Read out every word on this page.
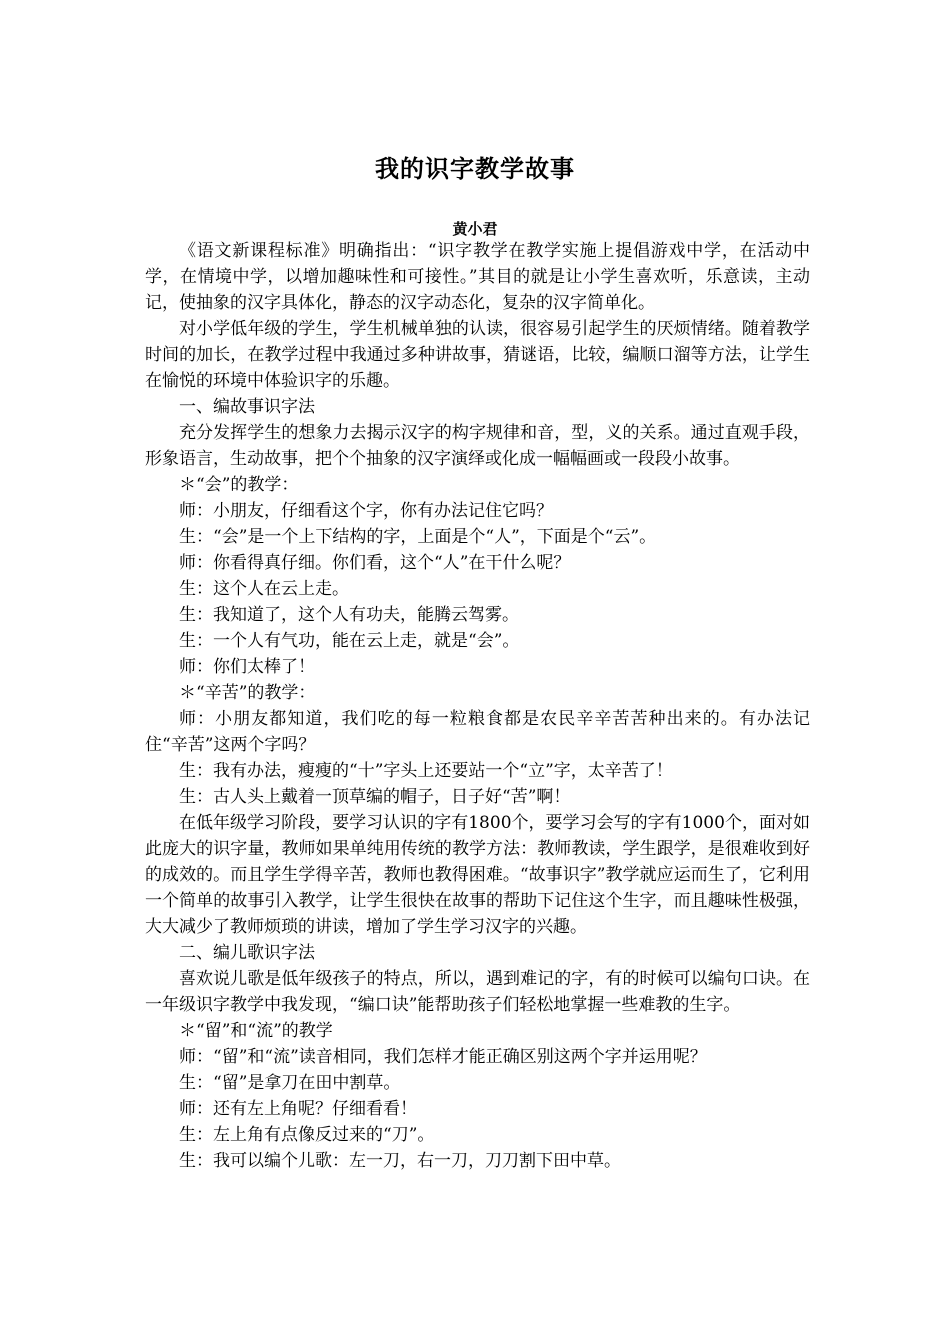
我的识字教学故事
黄小君

《语文新课程标准》明确指出：“识字教学在教学实施上提倡游戏中学，在活动中学，在情境中学，以增加趣味性和可接性。”其目的就是让小学生喜欢听，乐意读，主动记，使抽象的汉字具体化，静态的汉字动态化，复杂的汉字简单化。

对小学低年级的学生，学生机械单独的认读，很容易引起学生的厌烦情绪。随着教学时间的加长，在教学过程中我通过多种讲故事，猜谜语，比较，编顺口溜等方法，让学生在愉悦的环境中体验识字的乐趣。

一、编故事识字法

充分发挥学生的想象力去揭示汉字的构字规律和音，型，义的关系。通过直观手段，形象语言，生动故事，把个个抽象的汉字演绎或化成一幅幅画或一段段小故事。

＊“会”的教学：

师：小朋友，仔细看这个字，你有办法记住它吗？

生：“会”是一个上下结构的字，上面是个“人”，下面是个“云”。

师：你看得真仔细。你们看，这个“人”在干什么呢？

生：这个人在云上走。

生：我知道了，这个人有功夫，能腾云驾雾。

生：一个人有气功，能在云上走，就是“会”。

师：你们太棒了！

＊“辛苦”的教学：

师：小朋友都知道，我们吃的每一粒粮食都是农民辛辛苦苦种出来的。有办法记住“辛苦”这两个字吗？

生：我有办法，瘦瘦的“十”字头上还要站一个“立”字，太辛苦了！

生：古人头上戴着一顶草编的帽子，日子好“苦”啊！

在低年级学习阶段，要学习认识的字有1800个，要学习会写的字有1000个，面对如此庞大的识字量，教师如果单纯用传统的教学方法：教师教读，学生跟学，是很难收到好的成效的。而且学生学得辛苦，教师也教得困难。“故事识字”教学就应运而生了，它利用一个简单的故事引入教学，让学生很快在故事的帮助下记住这个生字，而且趣味性极强，大大减少了教师烦琐的讲读，增加了学生学习汉字的兴趣。

二、编儿歌识字法

喜欢说儿歌是低年级孩子的特点，所以，遇到难记的字，有的时候可以编句口诀。在一年级识字教学中我发现，“编口诀”能帮助孩子们轻松地掌握一些难教的生字。

＊“留”和“流”的教学

师：“留”和“流”读音相同，我们怎样才能正确区别这两个字并运用呢？

生：“留”是拿刀在田中割草。

师：还有左上角呢？仔细看看！

生：左上角有点像反过来的“刀”。

生：我可以编个儿歌：左一刀，右一刀，刀刀割下田中草。
